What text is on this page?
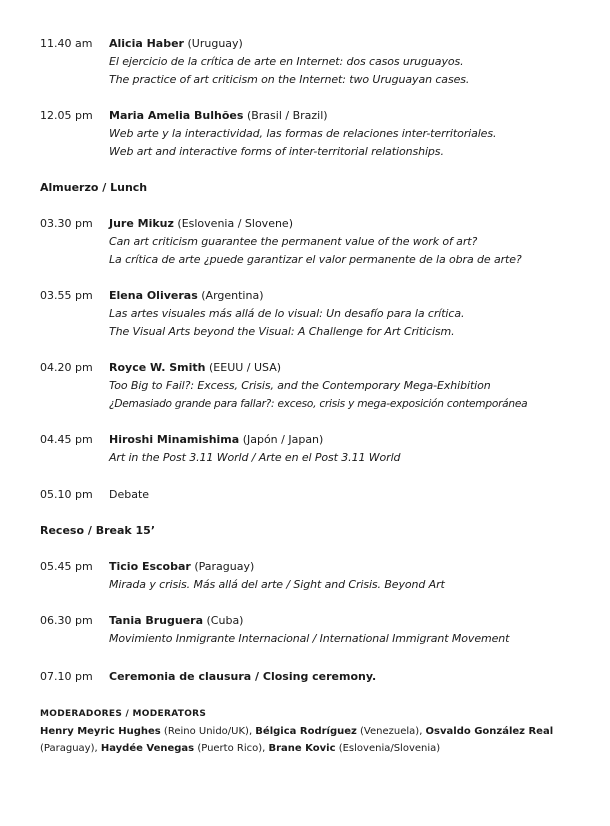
11.40 am	Alicia Haber (Uruguay)
El ejercicio de la crítica de arte en Internet: dos casos uruguayos.
The practice of art criticism on the Internet: two Uruguayan cases.
12.05 pm	Maria Amelia Bulhões (Brasil / Brazil)
Web arte y la interactividad, las formas de relaciones inter-territoriales.
Web art and interactive forms of inter-territorial relationships.
Almuerzo / Lunch
03.30 pm	Jure Mikuz (Eslovenia / Slovene)
Can art criticism guarantee the permanent value of the work of art?
La crítica de arte ¿puede garantizar el valor permanente de la obra de arte?
03.55 pm	Elena Oliveras (Argentina)
Las artes visuales más allá de lo visual: Un desafío para la crítica.
The Visual Arts beyond the Visual: A Challenge for Art Criticism.
04.20 pm	Royce W. Smith (EEUU / USA)
Too Big to Fail?: Excess, Crisis, and the Contemporary Mega-Exhibition
¿Demasiado grande para fallar?: exceso, crisis y mega-exposición contemporánea
04.45 pm	Hiroshi Minamishima (Japón / Japan)
Art in the Post 3.11 World / Arte en el Post 3.11 World
05.10 pm	Debate
Receso / Break 15’
05.45 pm	Ticio Escobar (Paraguay)
Mirada y crisis. Más allá del arte / Sight and Crisis. Beyond Art
06.30 pm	Tania Bruguera (Cuba)
Movimiento Inmigrante Internacional / International Immigrant Movement
07.10 pm	Ceremonia de clausura / Closing ceremony.
MODERADORES / MODERATORS
Henry Meyric Hughes (Reino Unido/UK), Bélgica Rodríguez (Venezuela), Osvaldo González Real (Paraguay), Haydée Venegas (Puerto Rico), Brane Kovic (Eslovenia/Slovenia)
